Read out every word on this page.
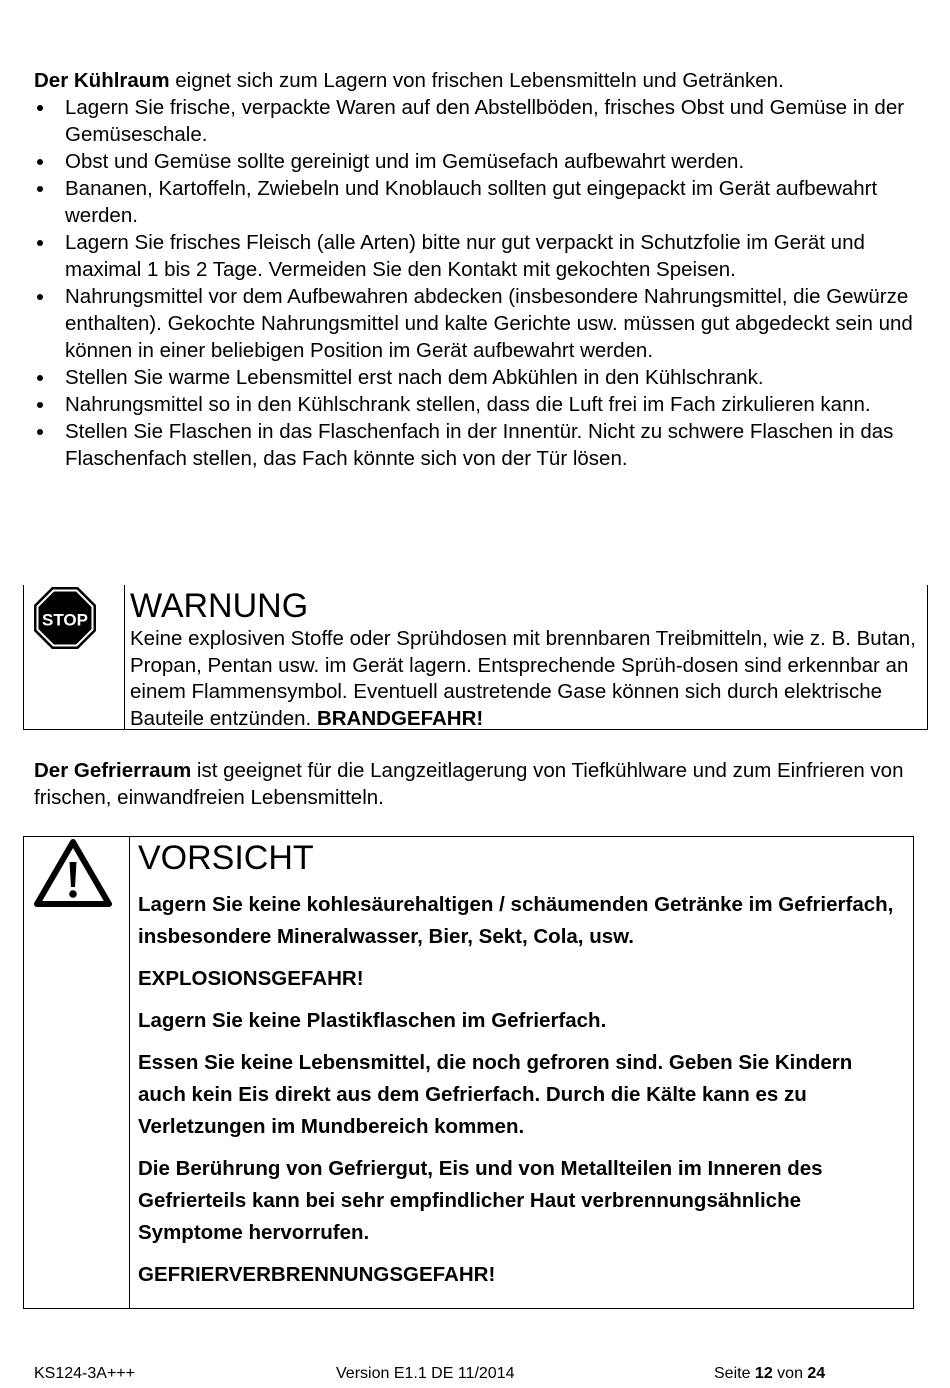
Der Kühlraum eignet sich zum Lagern von frischen Lebensmitteln und Getränken.
Lagern Sie frische, verpackte Waren auf den Abstellböden, frisches Obst und Gemüse in der Gemüseschale.
Obst und Gemüse sollte gereinigt und im Gemüsefach aufbewahrt werden.
Bananen, Kartoffeln, Zwiebeln und Knoblauch sollten gut eingepackt im Gerät aufbewahrt werden.
Lagern Sie frisches Fleisch (alle Arten) bitte nur gut verpackt in Schutzfolie im Gerät und maximal 1 bis 2 Tage. Vermeiden Sie den Kontakt mit gekochten Speisen.
Nahrungsmittel vor dem Aufbewahren abdecken (insbesondere Nahrungsmittel, die Gewürze enthalten). Gekochte Nahrungsmittel und kalte Gerichte usw. müssen gut abgedeckt sein und können in einer beliebigen Position im Gerät aufbewahrt werden.
Stellen Sie warme Lebensmittel erst nach dem Abkühlen in den Kühlschrank.
Nahrungsmittel so in den Kühlschrank stellen, dass die Luft frei im Fach zirkulieren kann.
Stellen Sie Flaschen in das Flaschenfach in der Innentür. Nicht zu schwere Flaschen in das Flaschenfach stellen, das Fach könnte sich von der Tür lösen.
STOP WARNUNG

Keine explosiven Stoffe oder Sprühdosen mit brennbaren Treibmitteln, wie z. B. Butan, Propan, Pentan usw. im Gerät lagern. Entsprechende Sprüh-dosen sind erkennbar an einem Flammensymbol. Eventuell austretende Gase können sich durch elektrische Bauteile entzünden. BRANDGEFAHR!

Der Gefrierraum ist geeignet für die Langzeitlagerung von Tiefkühlware und zum Einfrieren von frischen, einwandfreien Lebensmitteln.

VORSICHT

Lagern Sie keine kohlesäurehaltigen / schäumenden Getränke im Gefrierfach, insbesondere Mineralwasser, Bier, Sekt, Cola, usw.

EXPLOSIONSGEFAHR!

Lagern Sie keine Plastikflaschen im Gefrierfach.

Essen Sie keine Lebensmittel, die noch gefroren sind. Geben Sie Kindern auch kein Eis direkt aus dem Gefrierfach. Durch die Kälte kann es zu Verletzungen im Mundbereich kommen.

Die Berührung von Gefriergut, Eis und von Metallteilen im Inneren des Gefrierteils kann bei sehr empfindlicher Haut verbrennungsähnliche Symptome hervorrufen.

GEFRIERVERBRENNUNGSGEFAHR!

KS124-3A+++	Version E1.1 DE 11/2014	Seite 12 von 24
